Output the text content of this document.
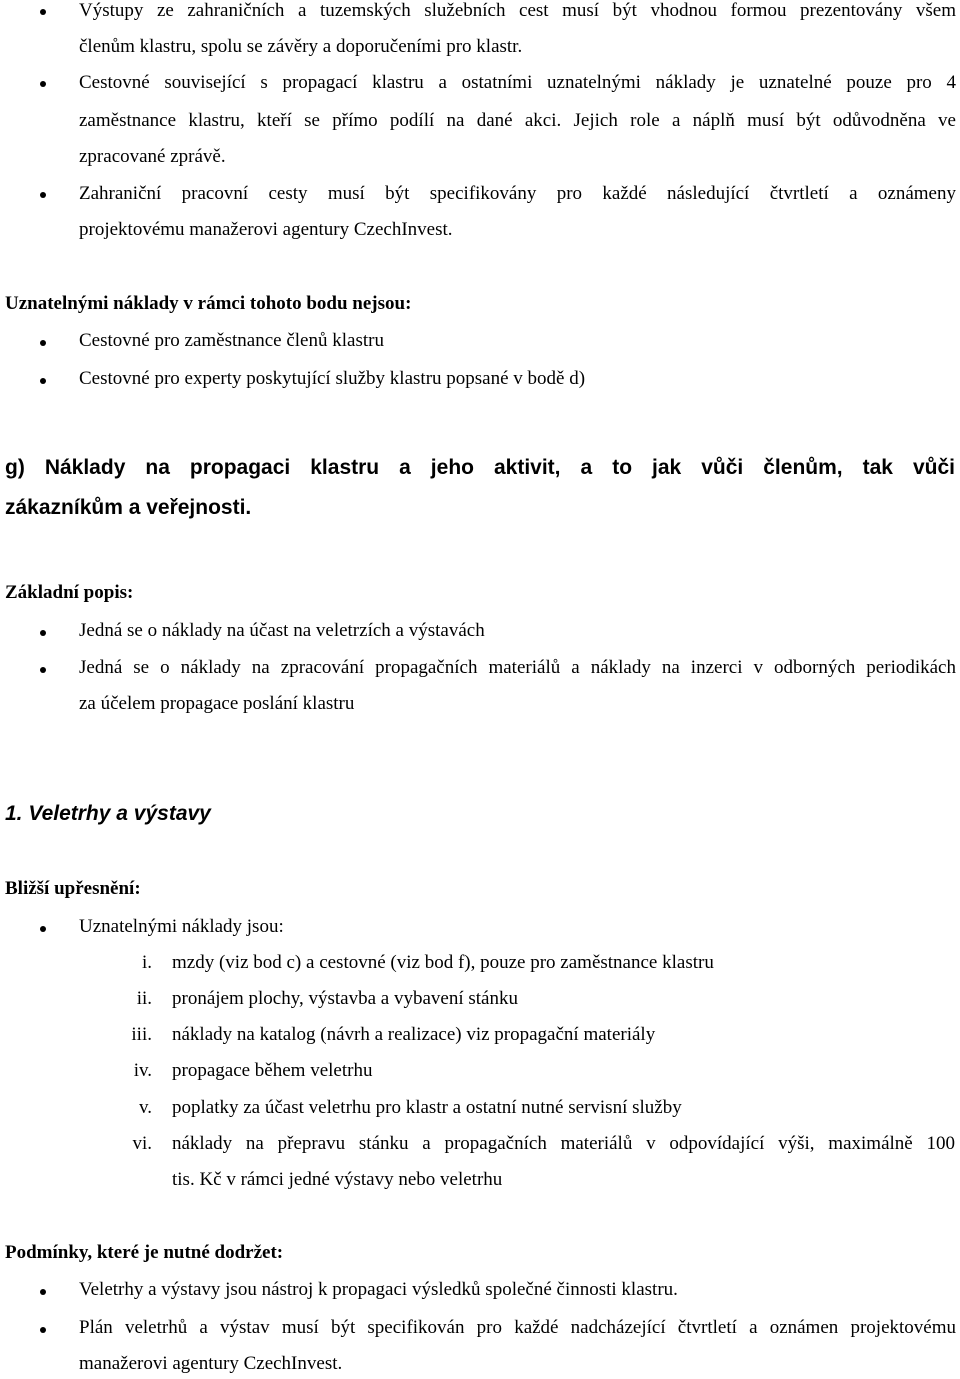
Výstupy ze zahraničních a tuzemských služebních cest musí být vhodnou formou prezentovány všem
členům klastru, spolu se závěry a doporučeními pro klastr.
Cestovné související s propagací klastru a ostatními uznatelnými náklady je uznatelné pouze pro 4
zaměstnance klastru, kteří se přímo podílí na dané akci. Jejich role a náplň musí být odůvodněna ve
zpracované zprávě.
Zahraniční pracovní cesty musí být specifikovány pro každé následující čtvrtletí a oznámeny
projektovému manažerovi agentury CzechInvest.
Uznatelnými náklady v rámci tohoto bodu nejsou:
Cestovné pro zaměstnance členů klastru
Cestovné pro experty poskytující služby klastru popsané v bodě d)
g) Náklady na propagaci klastru a jeho aktivit, a to jak vůči členům, tak vůči
zákazníkům a veřejnosti.
Základní popis:
Jedná se o náklady na účast na veletrzích a výstavách
Jedná se o náklady na zpracování propagačních materiálů a náklady na inzerci v odborných periodikách
za účelem propagace poslání klastru
1. Veletrhy a výstavy
Bližší upřesnění:
Uznatelnými náklady jsou:
i. mzdy (viz bod c) a cestovné (viz bod f), pouze pro zaměstnance klastru
ii. pronájem plochy, výstavba a vybavení stánku
iii. náklady na katalog (návrh a realizace) viz propagační materiály
iv. propagace během veletrhu
v. poplatky za účast veletrhu pro klastr a ostatní nutné servisní služby
vi. náklady na přepravu stánku a propagačních materiálů v odpovídající výši, maximálně 100
tis. Kč v rámci jedné výstavy nebo veletrhu
Podmínky, které je nutné dodržet:
Veletrhy a výstavy jsou nástroj k propagaci výsledků společné činnosti klastru.
Plán veletrhů a výstav musí být specifikován pro každé nadcházející čtvrtletí a oznámen projektovému
manažerovi agentury CzechInvest.
